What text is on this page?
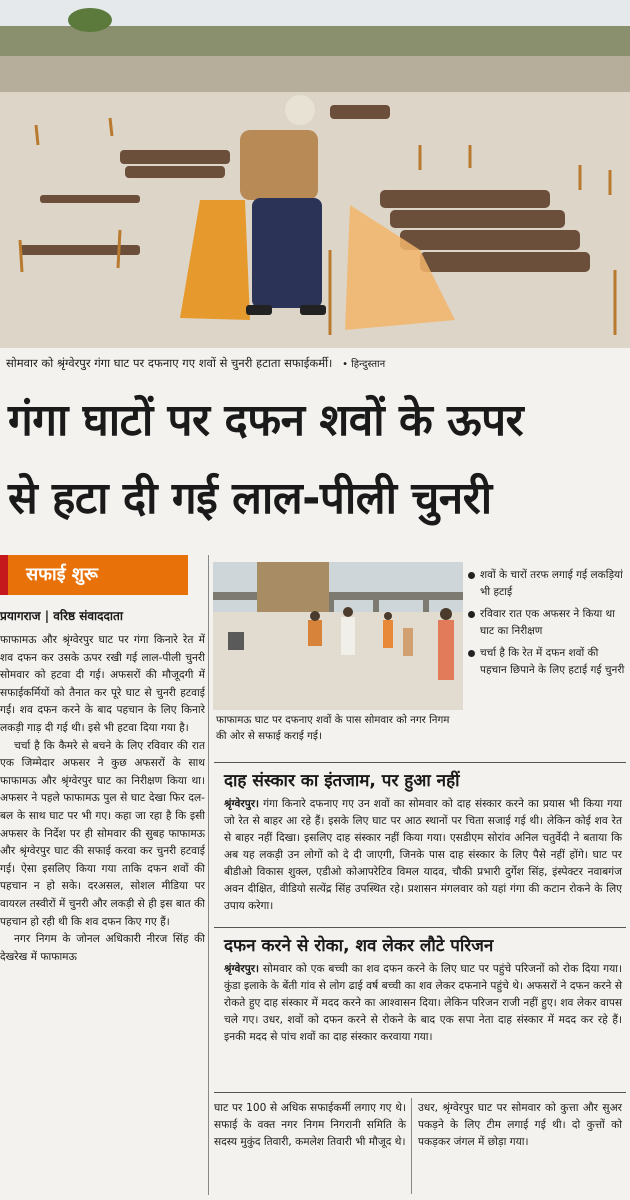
सोमवार को श्रृंग्वेरपुर गंगा घाट पर दफनाए गए शवों से चुनरी हटाता सफाईकर्मी। • हिन्दुस्तान
गंगा घाटों पर दफन शवों के ऊपर
से हटा दी गई लाल-पीली चुनरी
सफाई शुरू
प्रयागराज | वरिष्ठ संवाददाता

फाफामऊ और श्रृंग्वेरपुर घाट पर गंगा किनारे रेत में शव दफन कर उसके ऊपर रखी गई लाल-पीली चुनरी सोमवार को हटवा दी गई। अफसरों की मौजूदगी में सफाईकर्मियों को तैनात कर पूरे घाट से चुनरी हटवाई गई। शव दफन करने के बाद पहचान के लिए किनारे लकड़ी गाड़ दी गई थी। इसे भी हटवा दिया गया है।

चर्चा है कि कैमरे से बचने के लिए रविवार की रात एक जिम्मेदार अफसर ने कुछ अफसरों के साथ फाफामऊ और श्रृंग्वेरपुर घाट का निरीक्षण किया था। अफसर ने पहले फाफामऊ पुल से घाट देखा फिर दल-बल के साथ घाट पर भी गए। कहा जा रहा है कि इसी अफसर के निर्देश पर ही सोमवार की सुबह फाफामऊ और श्रृंग्वेरपुर घाट की सफाई करवा कर चुनरी हटवाई गई। ऐसा इसलिए किया गया ताकि दफन शवों की पहचान न हो सके। दरअसल, सोशल मीडिया पर वायरल तस्वीरों में चुनरी और लकड़ी से ही इस बात की पहचान हो रही थी कि शव दफन किए गए हैं।

नगर निगम के जोनल अधिकारी नीरज सिंह की देखरेख में फाफामऊ

फाफामऊ घाट पर दफनाए शवों के पास सोमवार को नगर निगम की ओर से सफाई कराई गई।
शवों के चारों तरफ लगाई गई लकड़ियां भी हटाई
रविवार रात एक अफसर ने किया था घाट का निरीक्षण
चर्चा है कि रेत में दफन शवों की पहचान छिपाने के लिए हटाई गई चुनरी
दाह संस्कार का इंतजाम, पर हुआ नहीं
श्रृंग्वेरपुर। गंगा किनारे दफनाए गए उन शवों का सोमवार को दाह संस्कार करने का प्रयास भी किया गया जो रेत से बाहर आ रहे हैं। इसके लिए घाट पर आठ स्थानों पर चिता सजाई गई थी। लेकिन कोई शव रेत से बाहर नहीं दिखा। इसलिए दाह संस्कार नहीं किया गया। एसडीएम सोरांव अनिल चतुर्वेदी ने बताया कि अब यह लकड़ी उन लोगों को दे दी जाएगी, जिनके पास दाह संस्कार के लिए पैसे नहीं होंगे। घाट पर बीडीओ विकास शुक्ल, एडीओ कोआपरेटिव विमल यादव, चौकी प्रभारी दुर्गेश सिंह, इंस्पेक्टर नवाबगंज अवन दीक्षित, वीडियो सत्येंद्र सिंह उपस्थित रहे। प्रशासन मंगलवार को यहां गंगा की कटान रोकने के लिए उपाय करेगा।
दफन करने से रोका, शव लेकर लौटे परिजन
श्रृंग्वेरपुर। सोमवार को एक बच्ची का शव दफन करने के लिए घाट पर पहुंचे परिजनों को रोक दिया गया। कुंडा इलाके के बेंती गांव से लोग ढाई वर्ष बच्ची का शव लेकर दफनाने पहुंचे थे। अफसरों ने दफन करने से रोकते हुए दाह संस्कार में मदद करने का आश्वासन दिया। लेकिन परिजन राजी नहीं हुए। शव लेकर वापस चले गए। उधर, शवों को दफन करने से रोकने के बाद एक सपा नेता दाह संस्कार में मदद कर रहे हैं। इनकी मदद से पांच शवों का दाह संस्कार करवाया गया।
घाट पर 100 से अधिक सफाईकर्मी लगाए गए थे। सफाई के वक्त नगर निगम निगरानी समिति के सदस्य मुकुंद तिवारी, कमलेश तिवारी भी मौजूद थे।
उधर, श्रृंग्वेरपुर घाट पर सोमवार को कुत्ता और सुअर पकड़ने के लिए टीम लगाई गई थी। दो कुत्तों को पकड़कर जंगल में छोड़ा गया।
